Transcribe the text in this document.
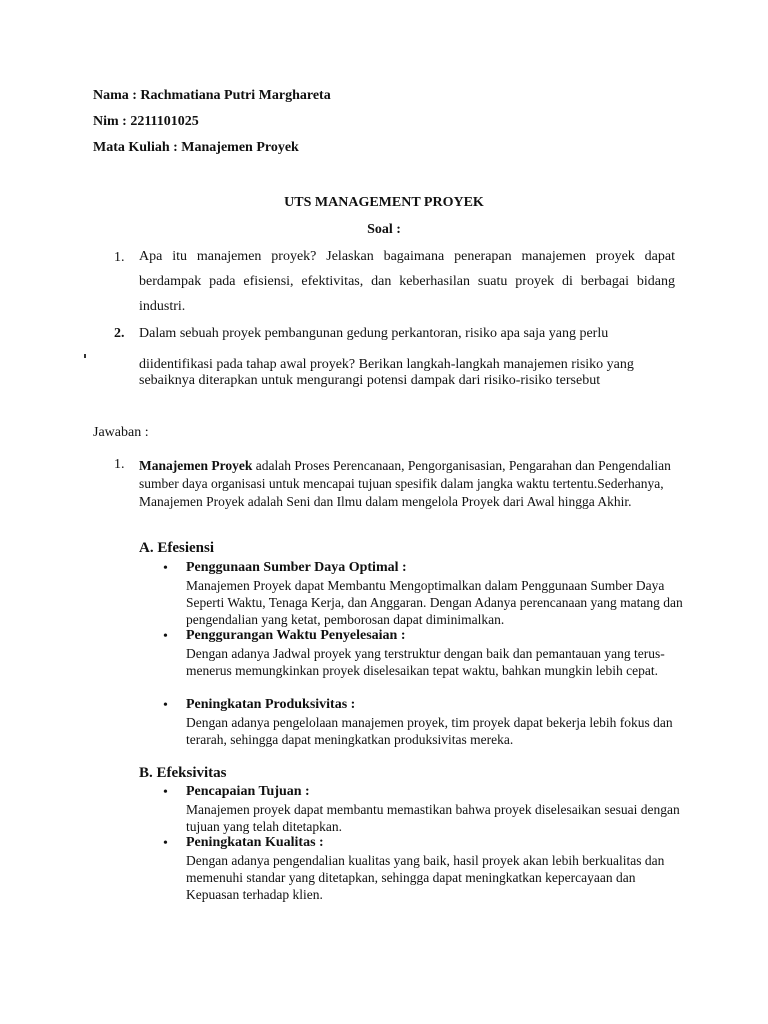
Nama : Rachmatiana Putri Marghareta
Nim : 2211101025
Mata Kuliah : Manajemen Proyek
UTS MANAGEMENT PROYEK
Soal :
1. Apa itu manajemen proyek? Jelaskan bagaimana penerapan manajemen proyek dapat berdampak pada efisiensi, efektivitas, dan keberhasilan suatu proyek di berbagai bidang industri.
2. Dalam sebuah proyek pembangunan gedung perkantoran, risiko apa saja yang perlu
diidentifikasi pada tahap awal proyek? Berikan langkah-langkah manajemen risiko yang
sebaiknya diterapkan untuk mengurangi potensi dampak dari risiko-risiko tersebut
Jawaban :
1. Manajemen Proyek adalah Proses Perencanaan, Pengorganisasian, Pengarahan dan Pengendalian sumber daya organisasi untuk mencapai tujuan spesifik dalam jangka waktu tertentu.Sederhanya, Manajemen Proyek adalah Seni dan Ilmu dalam mengelola Proyek dari Awal hingga Akhir.
A. Efesiensi
• Penggunaan Sumber Daya Optimal :
Manajemen Proyek dapat Membantu Mengoptimalkan dalam Penggunaan Sumber Daya Seperti Waktu, Tenaga Kerja, dan Anggaran. Dengan Adanya perencanaan yang matang dan pengendalian yang ketat, pemborosan dapat diminimalkan.
• Penggurangan Waktu Penyelesaian :
Dengan adanya Jadwal proyek yang terstruktur dengan baik dan pemantauan yang terus-menerus memungkinkan proyek diselesaikan tepat waktu, bahkan mungkin lebih cepat.
• Peningkatan Produksivitas :
Dengan adanya pengelolaan manajemen proyek, tim proyek dapat bekerja lebih fokus dan terarah, sehingga dapat meningkatkan produksivitas mereka.
B. Efeksivitas
• Pencapaian Tujuan :
Manajemen proyek dapat membantu memastikan bahwa proyek diselesaikan sesuai dengan tujuan yang telah ditetapkan.
• Peningkatan Kualitas :
Dengan adanya pengendalian kualitas yang baik, hasil proyek akan lebih berkualitas dan memenuhi standar yang ditetapkan, sehingga dapat meningkatkan kepercayaan dan Kepuasan terhadap klien.
